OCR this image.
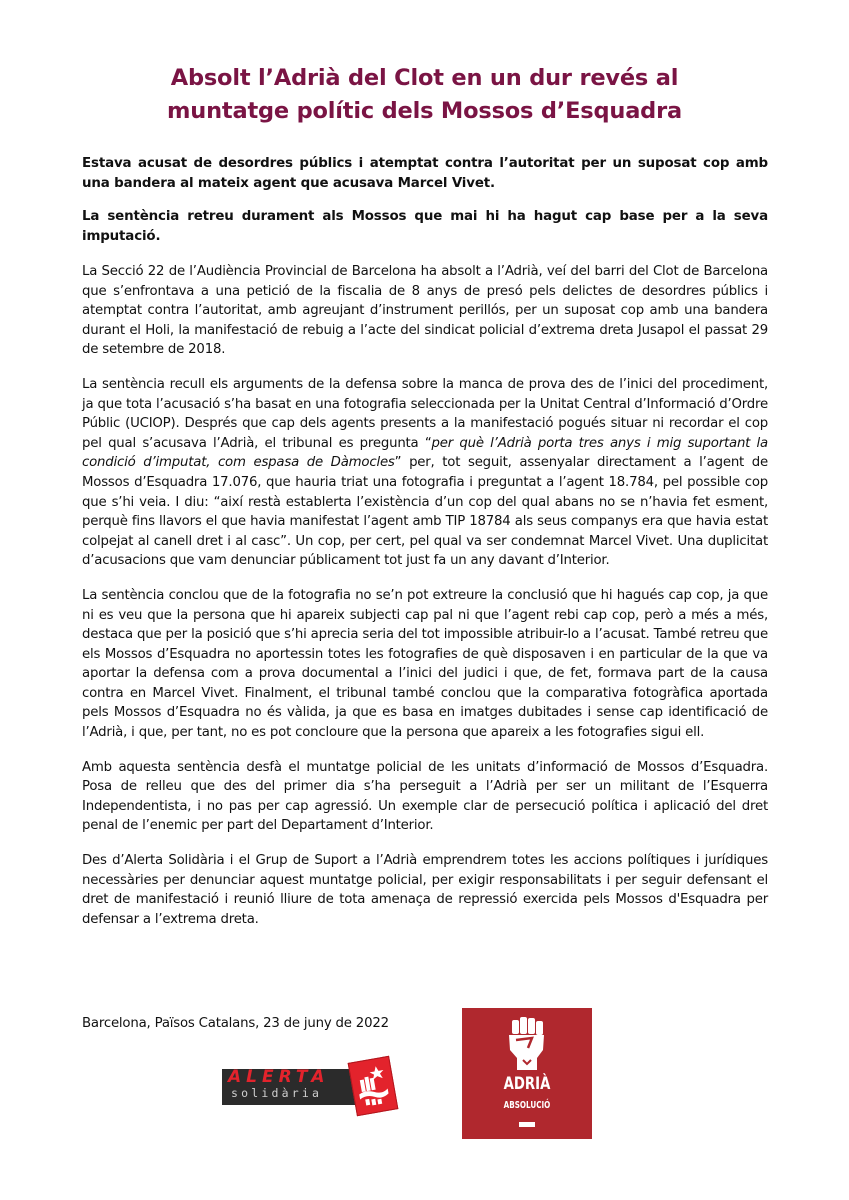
Absolt l’Adrià del Clot en un dur revés al
muntatge polític dels Mossos d’Esquadra

Estava acusat de desordres públics i atemptat contra l’autoritat per un suposat cop amb una bandera al mateix agent que acusava Marcel Vivet.

La sentència retreu durament als Mossos que mai hi ha hagut cap base per a la seva imputació.

La Secció 22 de l’Audiència Provincial de Barcelona ha absolt a l’Adrià, veí del barri del Clot de Barcelona que s’enfrontava a una petició de la fiscalia de 8 anys de presó pels delictes de desordres públics i atemptat contra l’autoritat, amb agreujant d’instrument perillós, per un suposat cop amb una bandera durant el Holi, la manifestació de rebuig a l’acte del sindicat policial d’extrema dreta Jusapol el passat 29 de setembre de 2018.

La sentència recull els arguments de la defensa sobre la manca de prova des de l’inici del procediment, ja que tota l’acusació s’ha basat en una fotografia seleccionada per la Unitat Central d’Informació d’Ordre Públic (UCIOP). Després que cap dels agents presents a la manifestació pogués situar ni recordar el cop pel qual s’acusava l’Adrià, el tribunal es pregunta “per què l’Adrià porta tres anys i mig suportant la condició d’imputat, com espasa de Dàmocles” per, tot seguit, assenyalar directament a l’agent de Mossos d’Esquadra 17.076, que hauria triat una fotografia i preguntat a l’agent 18.784, pel possible cop que s’hi veia. I diu: “així restà establerta l’existència d’un cop del qual abans no se n’havia fet esment, perquè fins llavors el que havia manifestat l’agent amb TIP 18784 als seus companys era que havia estat colpejat al canell dret i al casc”. Un cop, per cert, pel qual va ser condemnat Marcel Vivet. Una duplicitat d’acusacions que vam denunciar públicament tot just fa un any davant d’Interior.

La sentència conclou que de la fotografia no se’n pot extreure la conclusió que hi hagués cap cop, ja que ni es veu que la persona que hi apareix subjecti cap pal ni que l’agent rebi cap cop, però a més a més, destaca que per la posició que s’hi aprecia seria del tot impossible atribuir-lo a l’acusat. També retreu que els Mossos d’Esquadra no aportessin totes les fotografies de què disposaven i en particular de la que va aportar la defensa com a prova documental a l’inici del judici i que, de fet, formava part de la causa contra en Marcel Vivet. Finalment, el tribunal també conclou que la comparativa fotogràfica aportada pels Mossos d’Esquadra no és vàlida, ja que es basa en imatges dubitades i sense cap identificació de l’Adrià, i que, per tant, no es pot concloure que la persona que apareix a les fotografies sigui ell.

Amb aquesta sentència desfà el muntatge policial de les unitats d’informació de Mossos d’Esquadra. Posa de relleu que des del primer dia s’ha perseguit a l’Adrià per ser un militant de l’Esquerra Independentista, i no pas per cap agressió. Un exemple clar de persecució política i aplicació del dret penal de l’enemic per part del Departament d’Interior.

Des d’Alerta Solidària i el Grup de Suport a l’Adrià emprendrem totes les accions polítiques i jurídiques necessàries per denunciar aquest muntatge policial, per exigir responsabilitats i per seguir defensant el dret de manifestació i reunió lliure de tota amenaça de repressió exercida pels Mossos d'Esquadra per defensar a l’extrema dreta.

Barcelona, Països Catalans, 23 de juny de 2022
ALERTA
solidària	ADRIÀ
ABSOLUCIÓ
